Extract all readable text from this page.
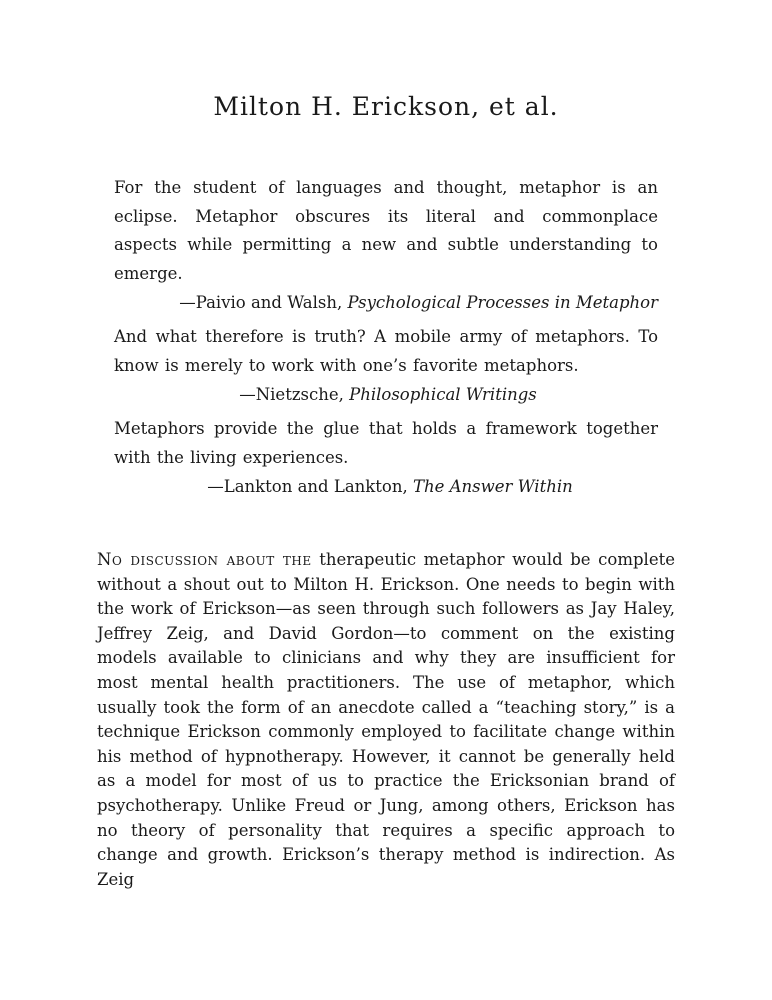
Milton H. Erickson, et al.

For the student of languages and thought, metaphor is an eclipse. Metaphor obscures its literal and commonplace aspects while permitting a new and subtle understanding to emerge.

—Paivio and Walsh, Psychological Processes in Metaphor

And what therefore is truth? A mobile army of metaphors. To know is merely to work with one’s favorite metaphors.

—Nietzsche, Philosophical Writings

Metaphors provide the glue that holds a framework together with the living experiences.

—Lankton and Lankton, The Answer Within

No discussion about the therapeutic metaphor would be complete without a shout out to Milton H. Erickson. One needs to begin with the work of Erickson—as seen through such followers as Jay Haley, Jeffrey Zeig, and David Gordon—to comment on the existing models available to clinicians and why they are insufficient for most mental health practitioners. The use of metaphor, which usually took the form of an anecdote called a “teaching story,” is a technique Erickson commonly employed to facilitate change within his method of hypnotherapy. However, it cannot be generally held as a model for most of us to practice the Ericksonian brand of psychotherapy. Unlike Freud or Jung, among others, Erickson has no theory of personality that requires a specific approach to change and growth. Erickson’s therapy method is indirection. As Zeig
